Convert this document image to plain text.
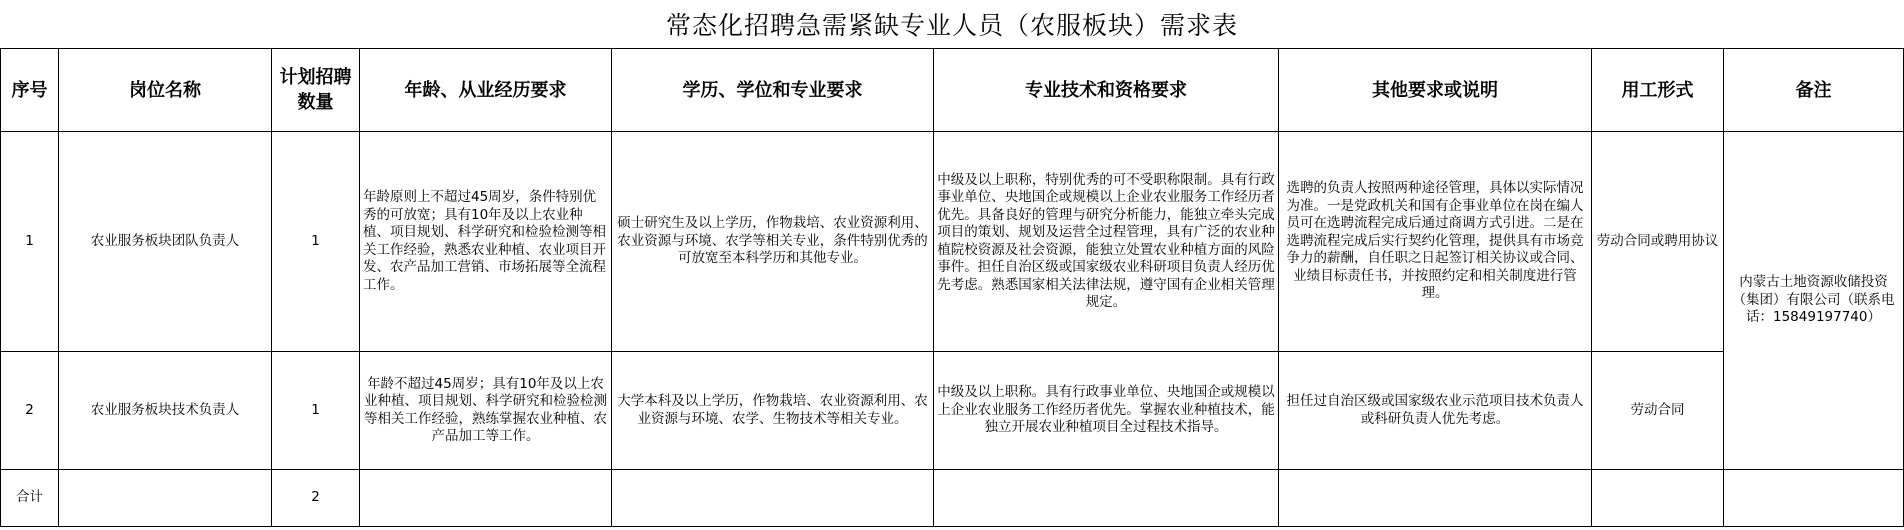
常态化招聘急需紧缺专业人员（农服板块）需求表
序号	岗位名称	计划招聘数量	年龄、从业经历要求	学历、学位和专业要求	专业技术和资格要求	其他要求或说明	用工形式	备注
1	农业服务板块团队负责人	1	年龄原则上不超过45周岁，条件特别优秀的可放宽；具有10年及以上农业种植、项目规划、科学研究和检验检测等相关工作经验，熟悉农业种植、农业项目开发、农产品加工营销、市场拓展等全流程工作。	硕士研究生及以上学历，作物栽培、农业资源利用、农业资源与环境、农学等相关专业，条件特别优秀的可放宽至本科学历和其他专业。	中级及以上职称，特别优秀的可不受职称限制。具有行政事业单位、央地国企或规模以上企业农业服务工作经历者优先。具备良好的管理与研究分析能力，能独立牵头完成项目的策划、规划及运营全过程管理，具有广泛的农业种植院校资源及社会资源，能独立处置农业种植方面的风险事件。担任自治区级或国家级农业科研项目负责人经历优先考虑。熟悉国家相关法律法规，遵守国有企业相关管理规定。	选聘的负责人按照两种途径管理，具体以实际情况为准。一是党政机关和国有企事业单位在岗在编人员可在选聘流程完成后通过商调方式引进。二是在选聘流程完成后实行契约化管理，提供具有市场竞争力的薪酬，自任职之日起签订相关协议或合同、业绩目标责任书，并按照约定和相关制度进行管理。	劳动合同或聘用协议	内蒙古土地资源收储投资（集团）有限公司（联系电话：15849197740）
2	农业服务板块技术负责人	1	年龄不超过45周岁；具有10年及以上农业种植、项目规划、科学研究和检验检测等相关工作经验，熟练掌握农业种植、农产品加工等工作。	大学本科及以上学历，作物栽培、农业资源利用、农业资源与环境、农学、生物技术等相关专业。	中级及以上职称。具有行政事业单位、央地国企或规模以上企业农业服务工作经历者优先。掌握农业种植技术，能独立开展农业种植项目全过程技术指导。	担任过自治区级或国家级农业示范项目技术负责人或科研负责人优先考虑。	劳动合同	
合计		2						
